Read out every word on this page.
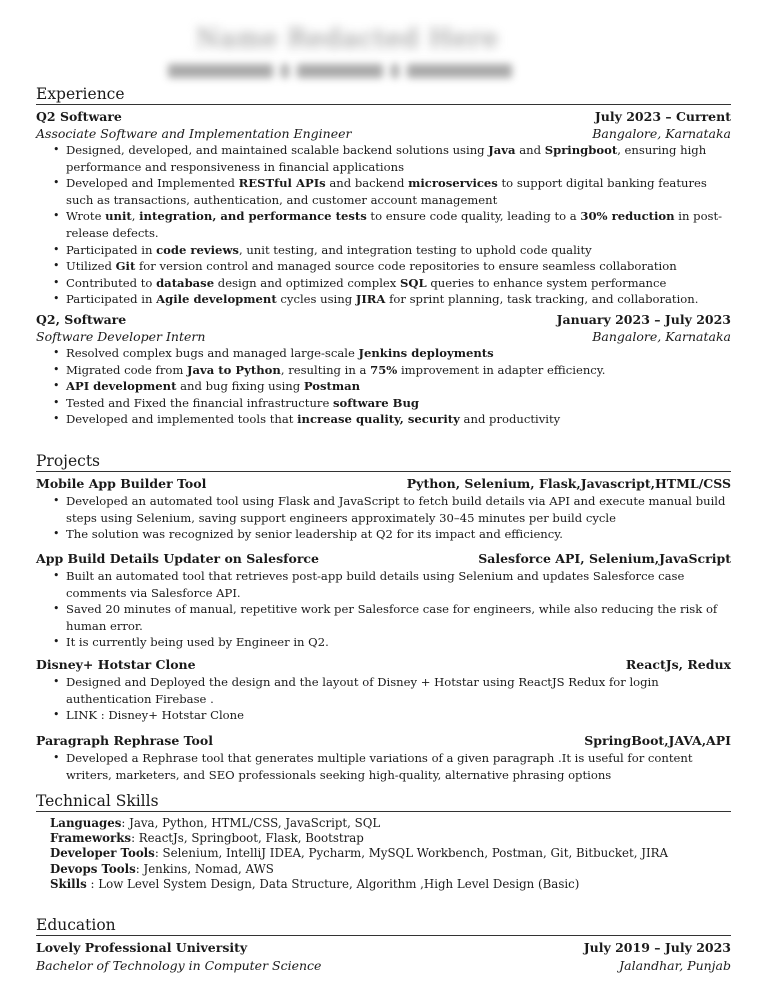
Name Redacted Here
Experience
Q2 Software	July 2023 – Current
Associate Software and Implementation Engineer	Bangalore, Karnataka
• Designed, developed, and maintained scalable backend solutions using Java and Springboot, ensuring high performance and responsiveness in financial applications
• Developed and Implemented RESTful APIs and backend microservices to support digital banking features such as transactions, authentication, and customer account management
• Wrote unit, integration, and performance tests to ensure code quality, leading to a 30% reduction in post-release defects.
• Participated in code reviews, unit testing, and integration testing to uphold code quality
• Utilized Git for version control and managed source code repositories to ensure seamless collaboration
• Contributed to database design and optimized complex SQL queries to enhance system performance
• Participated in Agile development cycles using JIRA for sprint planning, task tracking, and collaboration.
Q2, Software	January 2023 – July 2023
Software Developer Intern	Bangalore, Karnataka
• Resolved complex bugs and managed large-scale Jenkins deployments
• Migrated code from Java to Python, resulting in a 75% improvement in adapter efficiency.
• API development and bug fixing using Postman
• Tested and Fixed the financial infrastructure software Bug
• Developed and implemented tools that increase quality, security and productivity
Projects
Mobile App Builder Tool	Python, Selenium, Flask,Javascript,HTML/CSS
• Developed an automated tool using Flask and JavaScript to fetch build details via API and execute manual build steps using Selenium, saving support engineers approximately 30–45 minutes per build cycle
• The solution was recognized by senior leadership at Q2 for its impact and efficiency.
App Build Details Updater on Salesforce	Salesforce API, Selenium,JavaScript
• Built an automated tool that retrieves post-app build details using Selenium and updates Salesforce case comments via Salesforce API.
• Saved 20 minutes of manual, repetitive work per Salesforce case for engineers, while also reducing the risk of human error.
• It is currently being used by Engineer in Q2.
Disney+ Hotstar Clone	ReactJs, Redux
• Designed and Deployed the design and the layout of Disney + Hotstar using ReactJS Redux for login authentication Firebase .
• LINK : Disney+ Hotstar Clone
Paragraph Rephrase Tool	SpringBoot,JAVA,API
• Developed a Rephrase tool that generates multiple variations of a given paragraph .It is useful for content writers, marketers, and SEO professionals seeking high-quality, alternative phrasing options
Technical Skills
Languages: Java, Python, HTML/CSS, JavaScript, SQL
Frameworks: ReactJs, Springboot, Flask, Bootstrap
Developer Tools: Selenium, IntelliJ IDEA, Pycharm, MySQL Workbench, Postman, Git, Bitbucket, JIRA
Devops Tools: Jenkins, Nomad, AWS
Skills : Low Level System Design, Data Structure, Algorithm ,High Level Design (Basic)
Education
Lovely Professional University	July 2019 – July 2023
Bachelor of Technology in Computer Science	Jalandhar, Punjab
